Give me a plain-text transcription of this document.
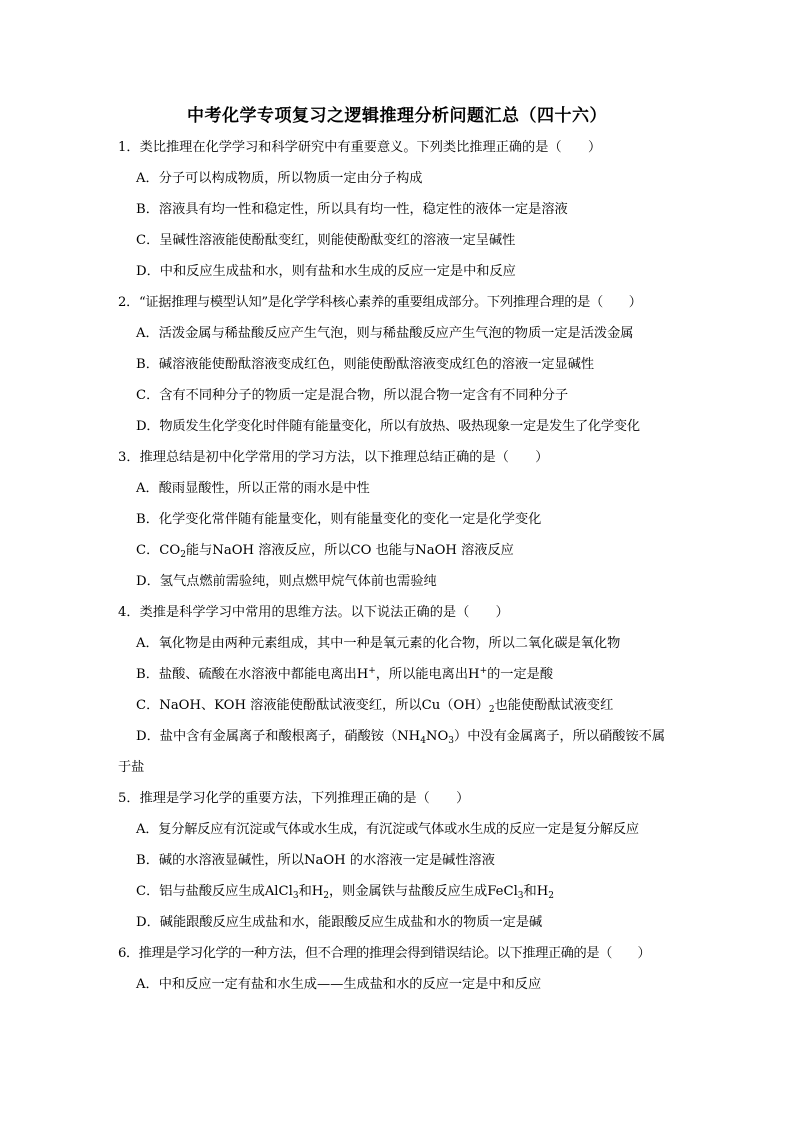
中考化学专项复习之逻辑推理分析问题汇总（四十六）

1．类比推理在化学学习和科学研究中有重要意义。下列类比推理正确的是（　　）

A．分子可以构成物质，所以物质一定由分子构成

B．溶液具有均一性和稳定性，所以具有均一性，稳定性的液体一定是溶液

C．呈碱性溶液能使酚酞变红，则能使酚酞变红的溶液一定呈碱性

D．中和反应生成盐和水，则有盐和水生成的反应一定是中和反应

2．“证据推理与模型认知”是化学学科核心素养的重要组成部分。下列推理合理的是（　　）

A．活泼金属与稀盐酸反应产生气泡，则与稀盐酸反应产生气泡的物质一定是活泼金属

B．碱溶液能使酚酞溶液变成红色，则能使酚酞溶液变成红色的溶液一定显碱性

C．含有不同种分子的物质一定是混合物，所以混合物一定含有不同种分子

D．物质发生化学变化时伴随有能量变化，所以有放热、吸热现象一定是发生了化学变化

3．推理总结是初中化学常用的学习方法，以下推理总结正确的是（　　）

A．酸雨显酸性，所以正常的雨水是中性

B．化学变化常伴随有能量变化，则有能量变化的变化一定是化学变化

C．$CO_2$能与NaOH 溶液反应，所以CO 也能与NaOH 溶液反应

D．氢气点燃前需验纯，则点燃甲烷气体前也需验纯

4．类推是科学学习中常用的思维方法。以下说法正确的是（　　）

A．氧化物是由两种元素组成，其中一种是氧元素的化合物，所以二氧化碳是氧化物

B．盐酸、硫酸在水溶液中都能电离出H+，所以能电离出H+的一定是酸

C．NaOH、KOH 溶液能使酚酞试液变红，所以$Cu(OH)_2$也能使酚酞试液变红

D．盐中含有金属离子和酸根离子，硝酸铵$(NH_4NO_3)$中没有金属离子，所以硝酸铵不属于盐

5．推理是学习化学的重要方法，下列推理正确的是（　　）

A．复分解反应有沉淀或气体或水生成，有沉淀或气体或水生成的反应一定是复分解反应

B．碱的水溶液显碱性，所以NaOH 的水溶液一定是碱性溶液

C．铝与盐酸反应生成AlCl$_3$和$H_2$，则金属铁与盐酸反应生成FeCl$_3$和$H_2$

D．碱能跟酸反应生成盐和水，能跟酸反应生成盐和水的物质一定是碱

6．推理是学习化学的一种方法，但不合理的推理会得到错误结论。以下推理正确的是（　　）

A．中和反应一定有盐和水生成——生成盐和水的反应一定是中和反应
